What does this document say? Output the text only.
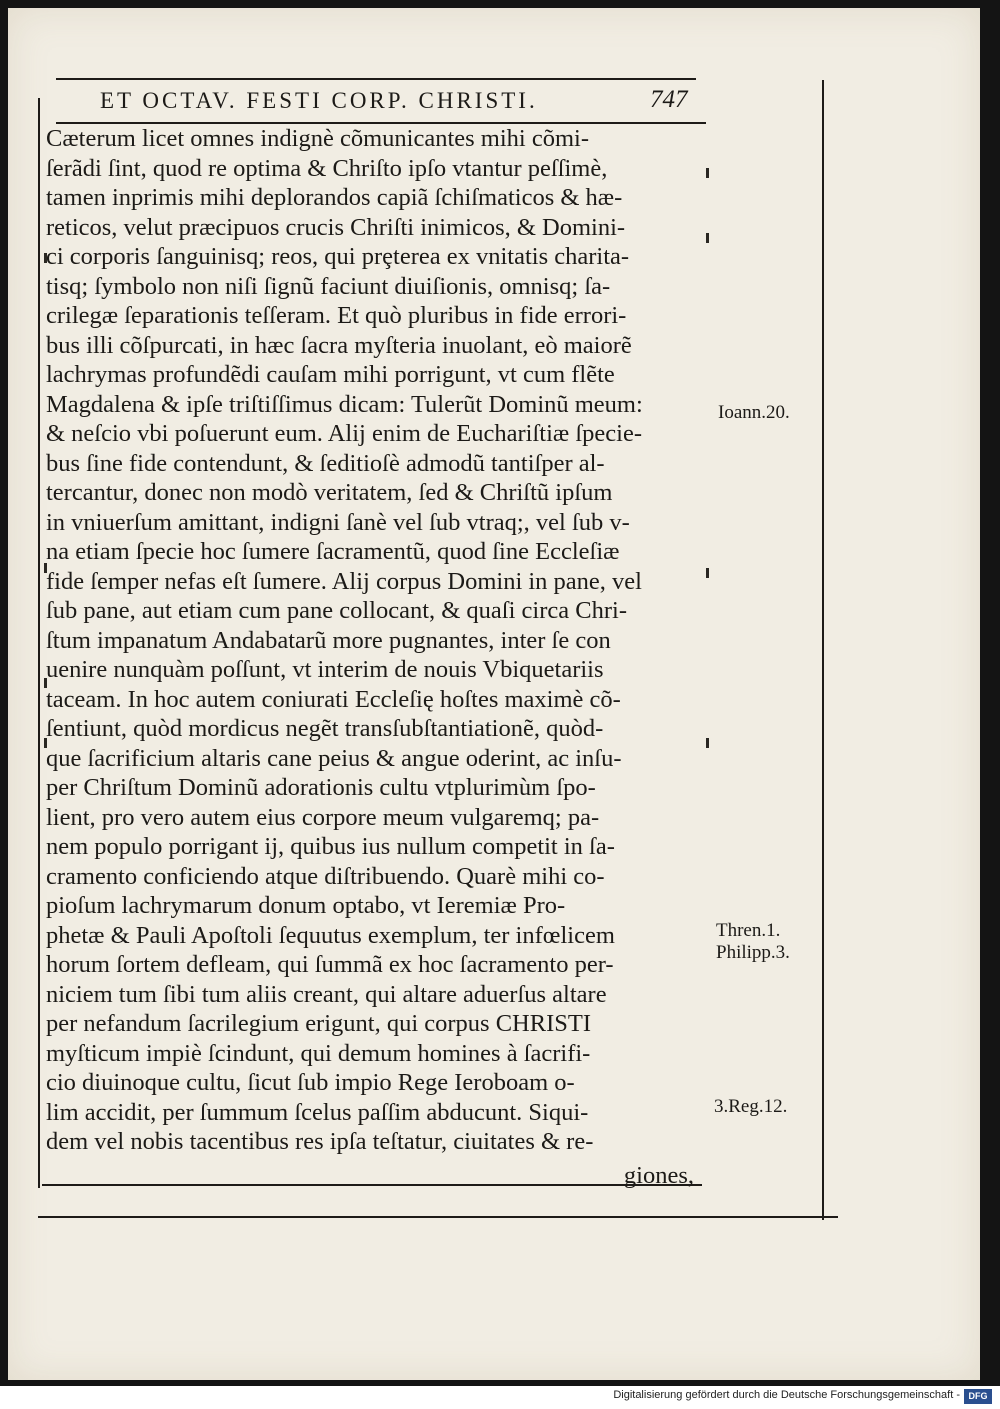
ET OCTAV. FESTI CORP. CHRISTI.	747
Cæterum licet omnes indignè cõmunicantes mihi cõmi-
ſerãdi ſint, quod re optima & Chriſto ipſo vtantur peſſimè,
tamen inprimis mihi deplorandos capiã ſchiſmaticos & hæ-
reticos, velut præcipuos crucis Chriſti inimicos, & Domini-
ci corporis ſanguinisq; reos, qui prȩterea ex vnitatis charita-
tisq; ſymbolo non niſi ſignũ faciunt diuiſionis, omnisq; ſa-
crilegæ ſeparationis teſſeram. Et quò pluribus in fide errori-
bus illi cõſpurcati, in hæc ſacra myſteria inuolant, eò maiorẽ
lachrymas profundẽdi cauſam mihi porrigunt, vt cum flẽte
Magdalena & ipſe triſtiſſimus dicam: Tulerũt Dominũ meum:
& neſcio vbi poſuerunt eum. Alij enim de Euchariſtiæ ſpecie-
bus ſine fide contendunt, & ſeditioſè admodũ tantiſper al-
tercantur, donec non modò veritatem, ſed & Chriſtũ ipſum
in vniuerſum amittant, indigni ſanè vel ſub vtraq;, vel ſub v-
na etiam ſpecie hoc ſumere ſacramentũ, quod ſine Eccleſiæ
fide ſemper nefas eſt ſumere. Alij corpus Domini in pane, vel
ſub pane, aut etiam cum pane collocant, & quaſi circa Chri-
ſtum impanatum Andabatarũ more pugnantes, inter ſe con
uenire nunquàm poſſunt, vt interim de nouis Vbiquetariis
taceam. In hoc autem coniurati Eccleſię hoſtes maximè cõ-
ſentiunt, quòd mordicus negẽt transſubſtantiationẽ, quòd-
que ſacrificium altaris cane peius & angue oderint, ac inſu-
per Chriſtum Dominũ adorationis cultu vtplurimùm ſpo-
lient, pro vero autem eius corpore meum vulgaremq; pa-
nem populo porrigant ij, quibus ius nullum competit in ſa-
cramento conficiendo atque diſtribuendo. Quarè mihi co-
pioſum lachrymarum donum optabo, vt Ieremiæ Pro-
phetæ & Pauli Apoſtoli ſequutus exemplum, ter infœlicem
horum ſortem defleam, qui ſummã ex hoc ſacramento per-
niciem tum ſibi tum aliis creant, qui altare aduerſus altare
per nefandum ſacrilegium erigunt, qui corpus CHRISTI
myſticum impiè ſcindunt, qui demum homines à ſacrifi-
cio diuinoque cultu, ſicut ſub impio Rege Ieroboam o-
lim accidit, per ſummum ſcelus paſſim abducunt. Siqui-
dem vel nobis tacentibus res ipſa teſtatur, ciuitates & re-
giones,
Ioann.20.
Thren.1.
Philipp.3.
3.Reg.12.
Digitalisierung gefördert durch die Deutsche Forschungsgemeinschaft - DFG
